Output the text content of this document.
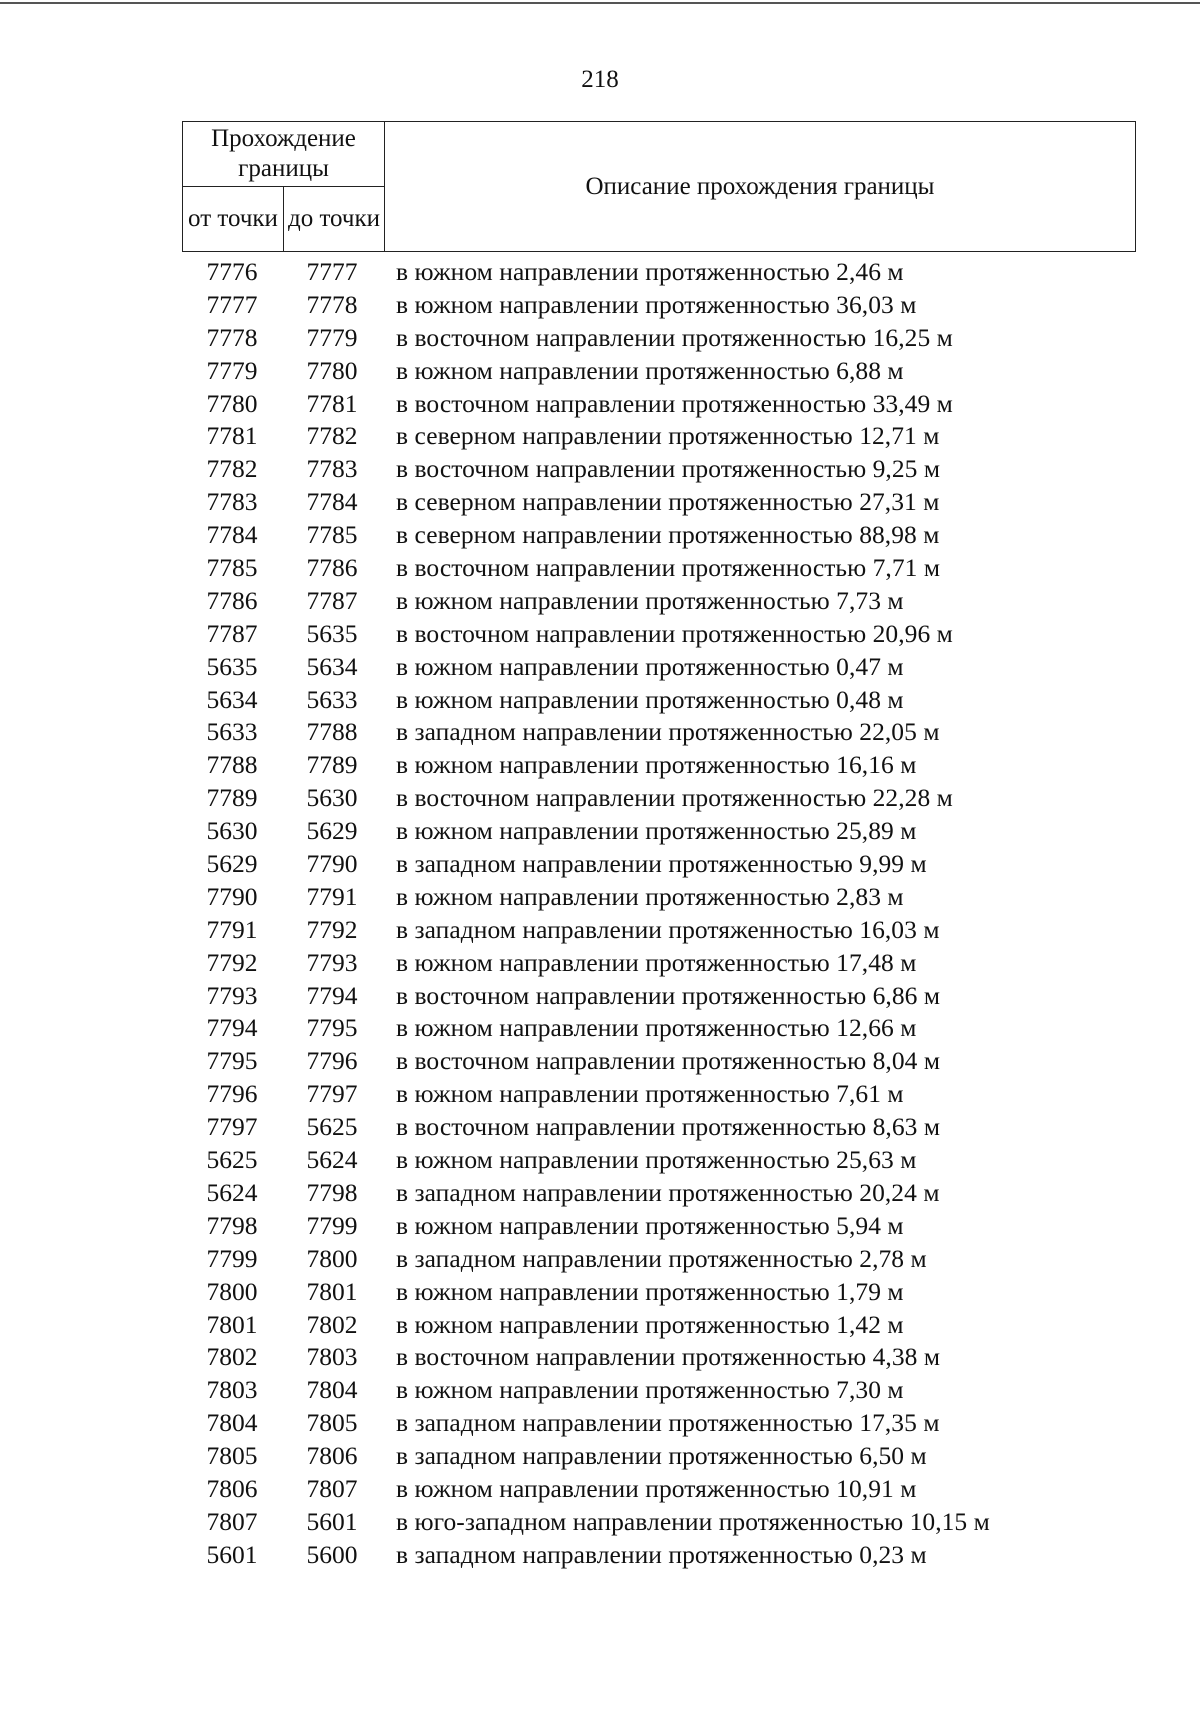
218
Прохождение границы		Описание прохождения границы
от точки	до точки	
7776	7777	в южном направлении протяженностью 2,46 м
7777	7778	в южном направлении протяженностью 36,03 м
7778	7779	в восточном направлении протяженностью 16,25 м
7779	7780	в южном направлении протяженностью 6,88 м
7780	7781	в восточном направлении протяженностью 33,49 м
7781	7782	в северном направлении протяженностью 12,71 м
7782	7783	в восточном направлении протяженностью 9,25 м
7783	7784	в северном направлении протяженностью 27,31 м
7784	7785	в северном направлении протяженностью 88,98 м
7785	7786	в восточном направлении протяженностью 7,71 м
7786	7787	в южном направлении протяженностью 7,73 м
7787	5635	в восточном направлении протяженностью 20,96 м
5635	5634	в южном направлении протяженностью 0,47 м
5634	5633	в южном направлении протяженностью 0,48 м
5633	7788	в западном направлении протяженностью 22,05 м
7788	7789	в южном направлении протяженностью 16,16 м
7789	5630	в восточном направлении протяженностью 22,28 м
5630	5629	в южном направлении протяженностью 25,89 м
5629	7790	в западном направлении протяженностью 9,99 м
7790	7791	в южном направлении протяженностью 2,83 м
7791	7792	в западном направлении протяженностью 16,03 м
7792	7793	в южном направлении протяженностью 17,48 м
7793	7794	в восточном направлении протяженностью 6,86 м
7794	7795	в южном направлении протяженностью 12,66 м
7795	7796	в восточном направлении протяженностью 8,04 м
7796	7797	в южном направлении протяженностью 7,61 м
7797	5625	в восточном направлении протяженностью 8,63 м
5625	5624	в южном направлении протяженностью 25,63 м
5624	7798	в западном направлении протяженностью 20,24 м
7798	7799	в южном направлении протяженностью 5,94 м
7799	7800	в западном направлении протяженностью 2,78 м
7800	7801	в южном направлении протяженностью 1,79 м
7801	7802	в южном направлении протяженностью 1,42 м
7802	7803	в восточном направлении протяженностью 4,38 м
7803	7804	в южном направлении протяженностью 7,30 м
7804	7805	в западном направлении протяженностью 17,35 м
7805	7806	в западном направлении протяженностью 6,50 м
7806	7807	в южном направлении протяженностью 10,91 м
7807	5601	в юго-западном направлении протяженностью 10,15 м
5601	5600	в западном направлении протяженностью 0,23 м
